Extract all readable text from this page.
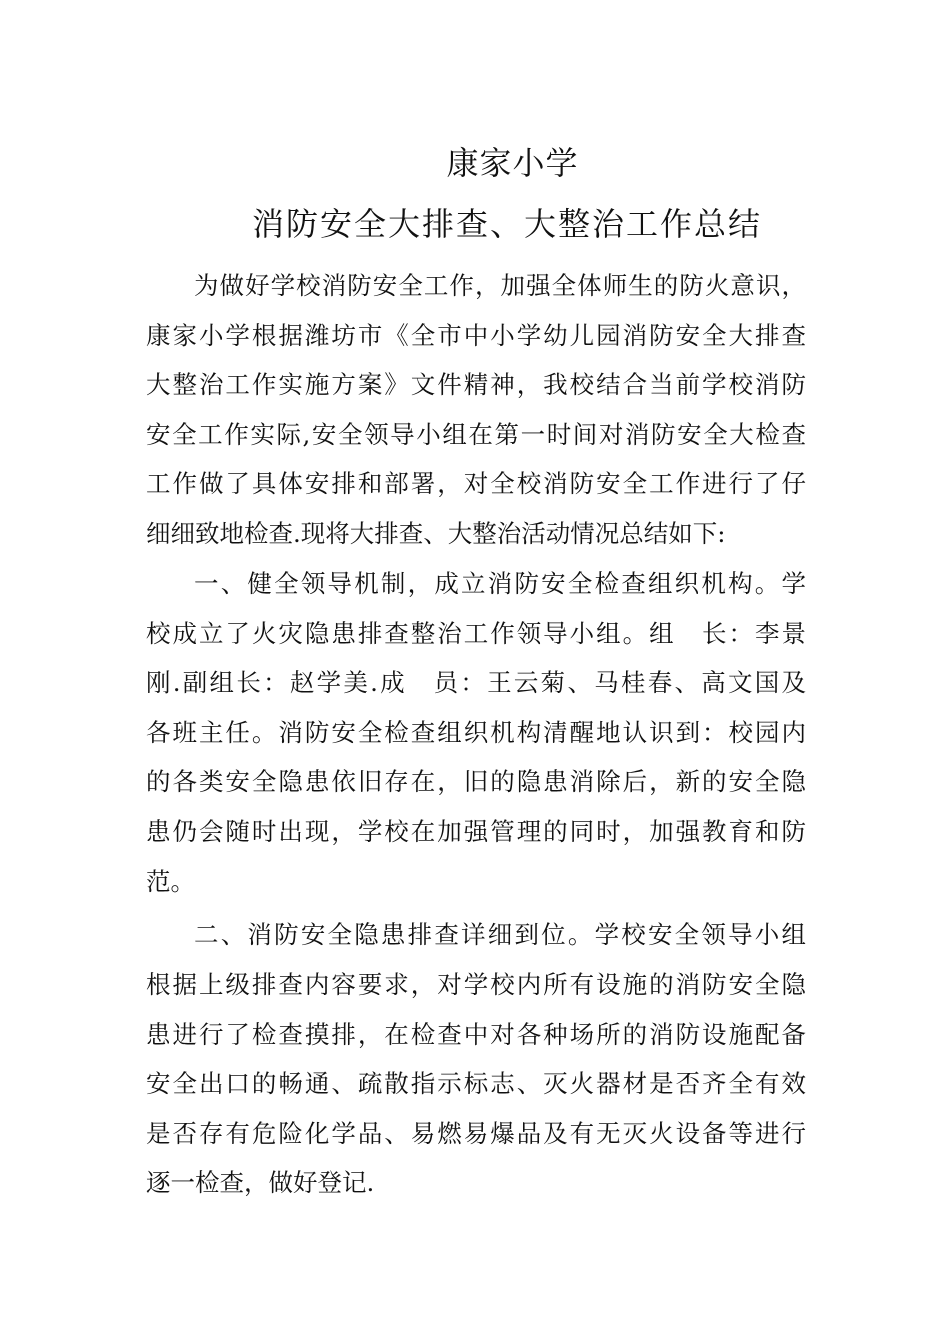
康家小学
消防安全大排查、大整治工作总结
为做好学校消防安全工作，加强全体师生的防火意识，
康家小学根据潍坊市《全市中小学幼儿园消防安全大排查
大整治工作实施方案》文件精神，我校结合当前学校消防
安全工作实际,安全领导小组在第一时间对消防安全大检查
工作做了具体安排和部署，对全校消防安全工作进行了仔
细细致地检查.现将大排查、大整治活动情况总结如下:
一、健全领导机制，成立消防安全检查组织机构。学
校成立了火灾隐患排查整治工作领导小组。组　长：李景
刚.副组长：赵学美.成　员：王云菊、马桂春、高文国及
各班主任。消防安全检查组织机构清醒地认识到：校园内
的各类安全隐患依旧存在，旧的隐患消除后，新的安全隐
患仍会随时出现，学校在加强管理的同时，加强教育和防
范。
二、消防安全隐患排查详细到位。学校安全领导小组
根据上级排查内容要求，对学校内所有设施的消防安全隐
患进行了检查摸排，在检查中对各种场所的消防设施配备
安全出口的畅通、疏散指示标志、灭火器材是否齐全有效
是否存有危险化学品、易燃易爆品及有无灭火设备等进行
逐一检查，做好登记.
